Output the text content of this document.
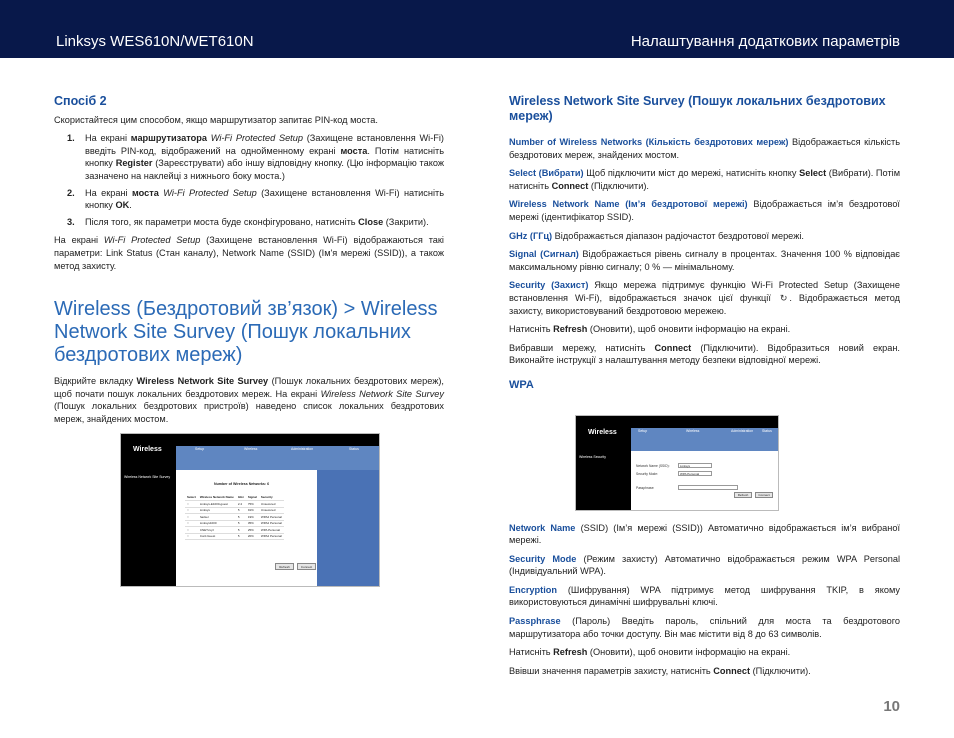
Linksys WES610N/WET610N	Налаштування додаткових параметрів
Спосіб 2

Скористайтеся цим способом, якщо маршрутизатор запитає PIN-код моста.

1. На екрані маршрутизатора Wi-Fi Protected Setup (Захищене встановлення Wi-Fi) введіть PIN-код, відображений на однойменному екрані моста. Потім натисніть кнопку Register (Зареєструвати) або іншу відповідну кнопку. (Цю інформацію також зазначено на наклейці з нижнього боку моста.)
2. На екрані моста Wi-Fi Protected Setup (Захищене встановлення Wi-Fi) натисніть кнопку OK.
3. Після того, як параметри моста буде сконфігуровано, натисніть Close (Закрити).

На екрані Wi-Fi Protected Setup (Захищене встановлення Wi-Fi) відображаються такі параметри: Link Status (Стан каналу), Network Name (SSID) (Ім'я мережі (SSID)), а також метод захисту.

Wireless (Бездротовий зв’язок) > Wireless Network Site Survey (Пошук локальних бездротових мереж)

Відкрийте вкладку Wireless Network Site Survey (Пошук локальних бездротових мереж), щоб почати пошук локальних бездротових мереж. На екрані Wireless Network Site Survey (Пошук локальних бездротових пристроїв) наведено список локальних бездротових мереж, знайдених мостом.

Wireless	Setup	Wireless	Administration	Status
Wireless Network Site Survey
Number of Wireless Networks: 6
Select	Wireless Network Name	GHz	Signal	Security
○	Linksys-E1000-guest	2.4	75%	Unsecured
○	Linksys	5	91%	Unsecured
○	hacker	5	19%	WPA2 Personal
○	Linksys1000	5	35%	WPA2 Personal
○	CNETxxyz	5	25%	WPA Personal
○	Conf-Guest	5	20%	WPA2 Personal
Refresh	Connect
Wireless Network Site Survey (Пошук локальних бездротових мереж)

Number of Wireless Networks (Кількість бездротових мереж) Відображається кількість бездротових мереж, знайдених мостом.

Select (Вибрати) Щоб підключити міст до мережі, натисніть кнопку Select (Вибрати). Потім натисніть Connect (Підключити).

Wireless Network Name (Ім’я бездротової мережі) Відображається ім’я бездротової мережі (ідентифікатор SSID).

GHz (ГГц) Відображається діапазон радіочастот бездротової мережі.

Signal (Сигнал) Відображається рівень сигналу в процентах. Значення 100 % відповідає максимальному рівню сигналу; 0 % — мінімальному.

Security (Захист) Якщо мережа підтримує функцію Wi-Fi Protected Setup (Захищене встановлення Wi-Fi), відображається значок цієї функції ↻ . Відображається метод захисту, використовуваний бездротовою мережею.

Натисніть Refresh (Оновити), щоб оновити інформацію на екрані.

Вибравши мережу, натисніть Connect (Підключити). Відобразиться новий екран. Виконайте інструкції з налаштування методу безпеки відповідної мережі.

WPA

Network Name (SSID) (Ім’я мережі (SSID)) Автоматично відображається ім’я вибраної мережі.

Security Mode (Режим захисту) Автоматично відображається режим WPA Personal (Індивідуальний WPA).

Encryption (Шифрування) WPA підтримує метод шифрування TKIP, в якому використовуються динамічні шифрувальні ключі.

Passphrase (Пароль) Введіть пароль, спільний для моста та бездротового маршрутизатора або точки доступу. Він має містити від 8 до 63 символів.

Натисніть Refresh (Оновити), щоб оновити інформацію на екрані.

Ввівши значення параметрів захисту, натисніть Connect (Підключити).

Wireless	Setup	Wireless	Administration	Status
Wireless Security
Network Name (SSID):	Linksys
Security Mode:	WPA Personal
Passphrase:
Refresh	Connect
10
